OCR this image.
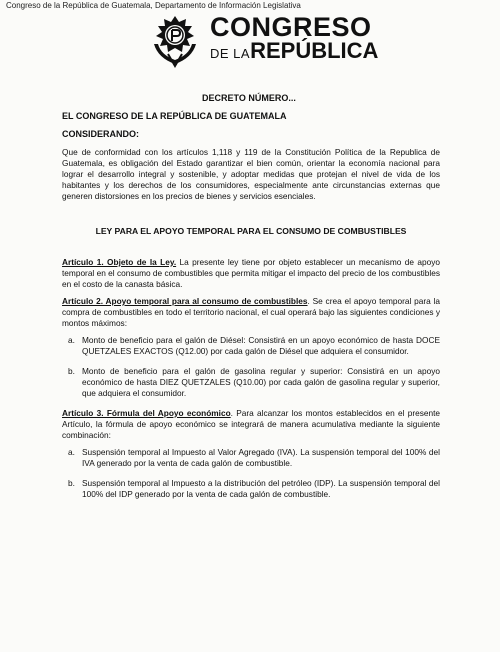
Congreso de la República de Guatemala, Departamento de Información Legislativa
CONGRESO
DE LAREPÚBLICA
DECRETO NÚMERO...
EL CONGRESO DE LA REPÚBLICA DE GUATEMALA
CONSIDERANDO:

Que de conformidad con los artículos 1,118 y 119 de la Constitución Política de la Republica de Guatemala, es obligación del Estado garantizar el bien común, orientar la economía nacional para lograr el desarrollo integral y sostenible, y adoptar medidas que protejan el nivel de vida de los habitantes y los derechos de los consumidores, especialmente ante circunstancias externas que generen distorsiones en los precios de bienes y servicios esenciales.

LEY PARA EL APOYO TEMPORAL PARA EL CONSUMO DE COMBUSTIBLES

Artículo 1. Objeto de la Ley. La presente ley tiene por objeto establecer un mecanismo de apoyo temporal en el consumo de combustibles que permita mitigar el impacto del precio de los combustibles en el costo de la canasta básica.

Artículo 2. Apoyo temporal para al consumo de combustibles. Se crea el apoyo temporal para la compra de combustibles en todo el territorio nacional, el cual operará bajo las siguientes condiciones y montos máximos:

a. Monto de beneficio para el galón de Diésel: Consistirá en un apoyo económico de hasta DOCE QUETZALES EXACTOS (Q12.00) por cada galón de Diésel que adquiera el consumidor.
b. Monto de beneficio para el galón de gasolina regular y superior: Consistirá en un apoyo económico de hasta DIEZ QUETZALES (Q10.00) por cada galón de gasolina regular y superior, que adquiera el consumidor.

Artículo 3. Fórmula del Apoyo económico. Para alcanzar los montos establecidos en el presente Artículo, la fórmula de apoyo económico se integrará de manera acumulativa mediante la siguiente combinación:

a. Suspensión temporal al Impuesto al Valor Agregado (IVA). La suspensión temporal del 100% del IVA generado por la venta de cada galón de combustible.
b. Suspensión temporal al Impuesto a la distribución del petróleo (IDP). La suspensión temporal del 100% del IDP generado por la venta de cada galón de combustible.
